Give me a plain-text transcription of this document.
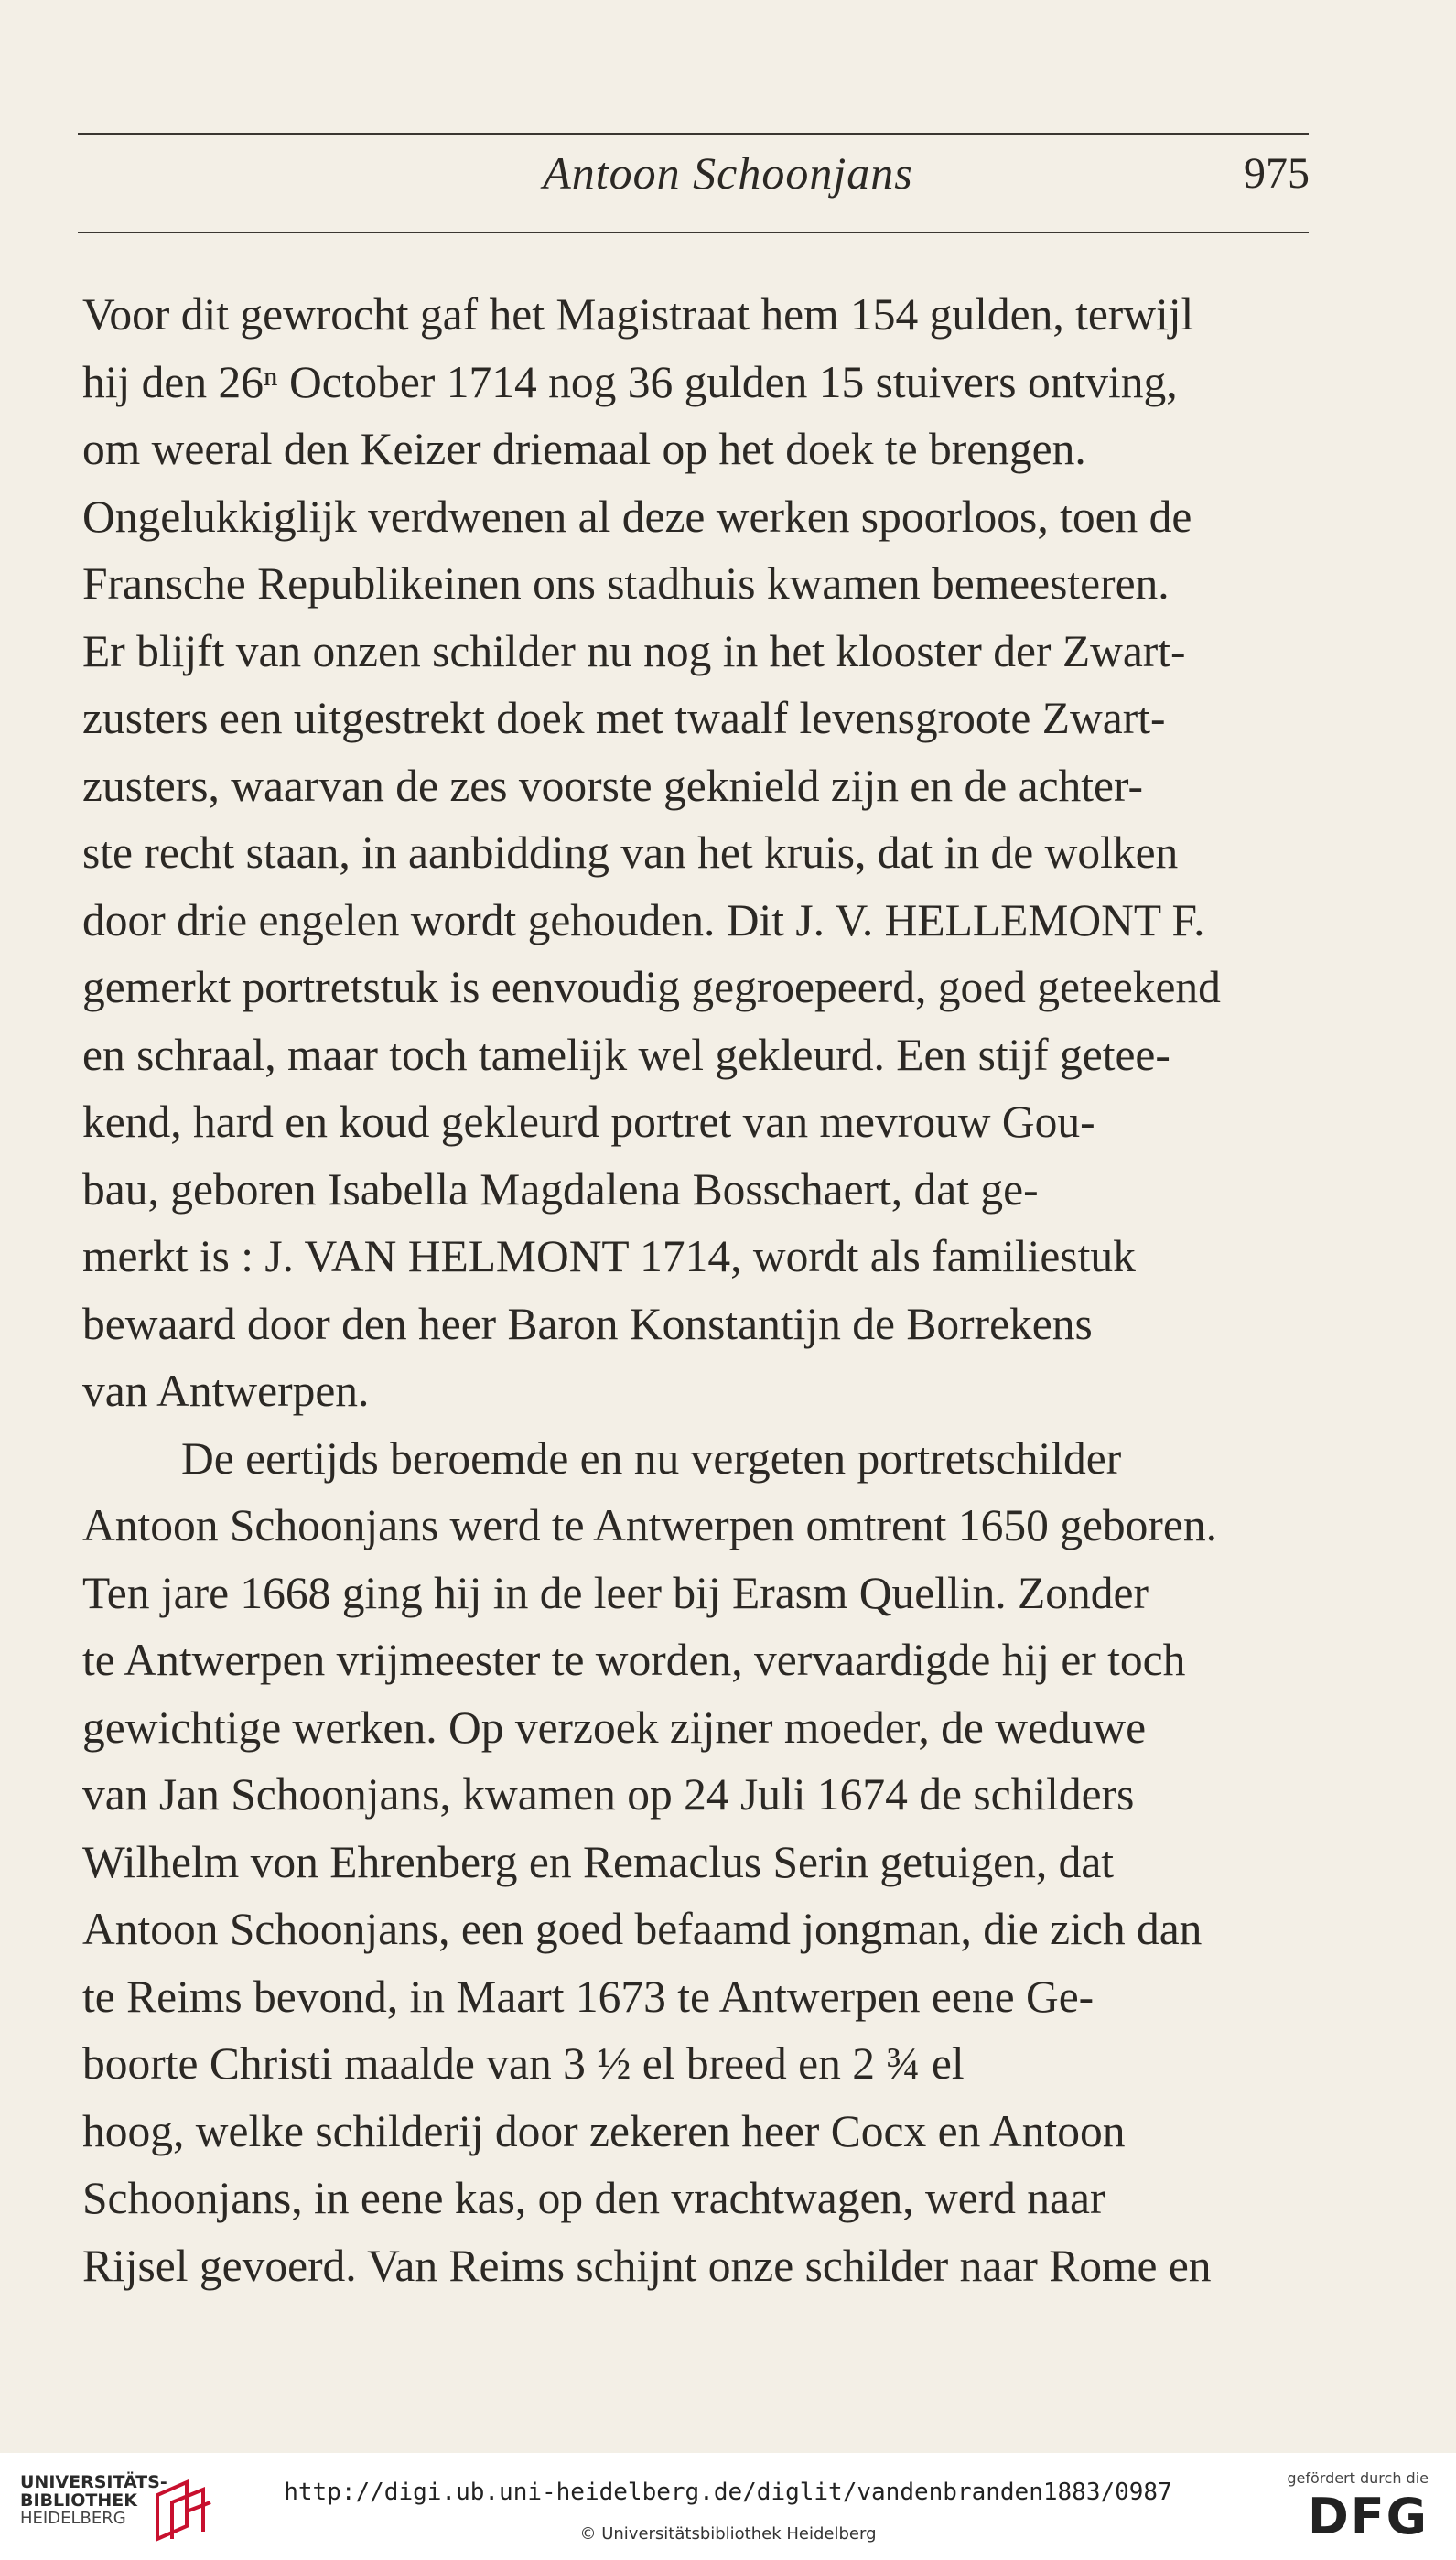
Antoon Schoonjans	975
Voor dit gewrocht gaf het Magistraat hem 154 gulden, terwijl
hij den 26ⁿ October 1714 nog 36 gulden 15 stuivers ontving,
om weeral den Keizer driemaal op het doek te brengen.
Ongelukkiglijk verdwenen al deze werken spoorloos, toen de
Fransche Republikeinen ons stadhuis kwamen bemeesteren.
Er blijft van onzen schilder nu nog in het klooster der Zwart-
zusters een uitgestrekt doek met twaalf levensgroote Zwart-
zusters, waarvan de zes voorste geknield zijn en de achter-
ste recht staan, in aanbidding van het kruis, dat in de wolken
door drie engelen wordt gehouden. Dit J. V. HELLEMONT F.
gemerkt portretstuk is eenvoudig gegroepeerd, goed geteekend
en schraal, maar toch tamelijk wel gekleurd. Een stijf getee-
kend, hard en koud gekleurd portret van mevrouw Gou-
bau, geboren Isabella Magdalena Bosschaert, dat ge-
merkt is : J. VAN HELMONT 1714, wordt als familiestuk
bewaard door den heer Baron Konstantijn de Borrekens
van Antwerpen.
De eertijds beroemde en nu vergeten portretschilder
Antoon Schoonjans werd te Antwerpen omtrent 1650 geboren.
Ten jare 1668 ging hij in de leer bij Erasm Quellin. Zonder
te Antwerpen vrijmeester te worden, vervaardigde hij er toch
gewichtige werken. Op verzoek zijner moeder, de weduwe
van Jan Schoonjans, kwamen op 24 Juli 1674 de schilders
Wilhelm von Ehrenberg en Remaclus Serin getuigen, dat
Antoon Schoonjans, een goed befaamd jongman, die zich dan
te Reims bevond, in Maart 1673 te Antwerpen eene Ge-
boorte Christi maalde van 3 ½ el breed en 2 ¾ el
hoog, welke schilderij door zekeren heer Cocx en Antoon
Schoonjans, in eene kas, op den vrachtwagen, werd naar
Rijsel gevoerd. Van Reims schijnt onze schilder naar Rome en
UNIVERSITÄTS-
BIBLIOTHEK
HEIDELBERG
http://digi.ub.uni-heidelberg.de/diglit/vandenbranden1883/0987
© Universitätsbibliothek Heidelberg
gefördert durch die
DFG
